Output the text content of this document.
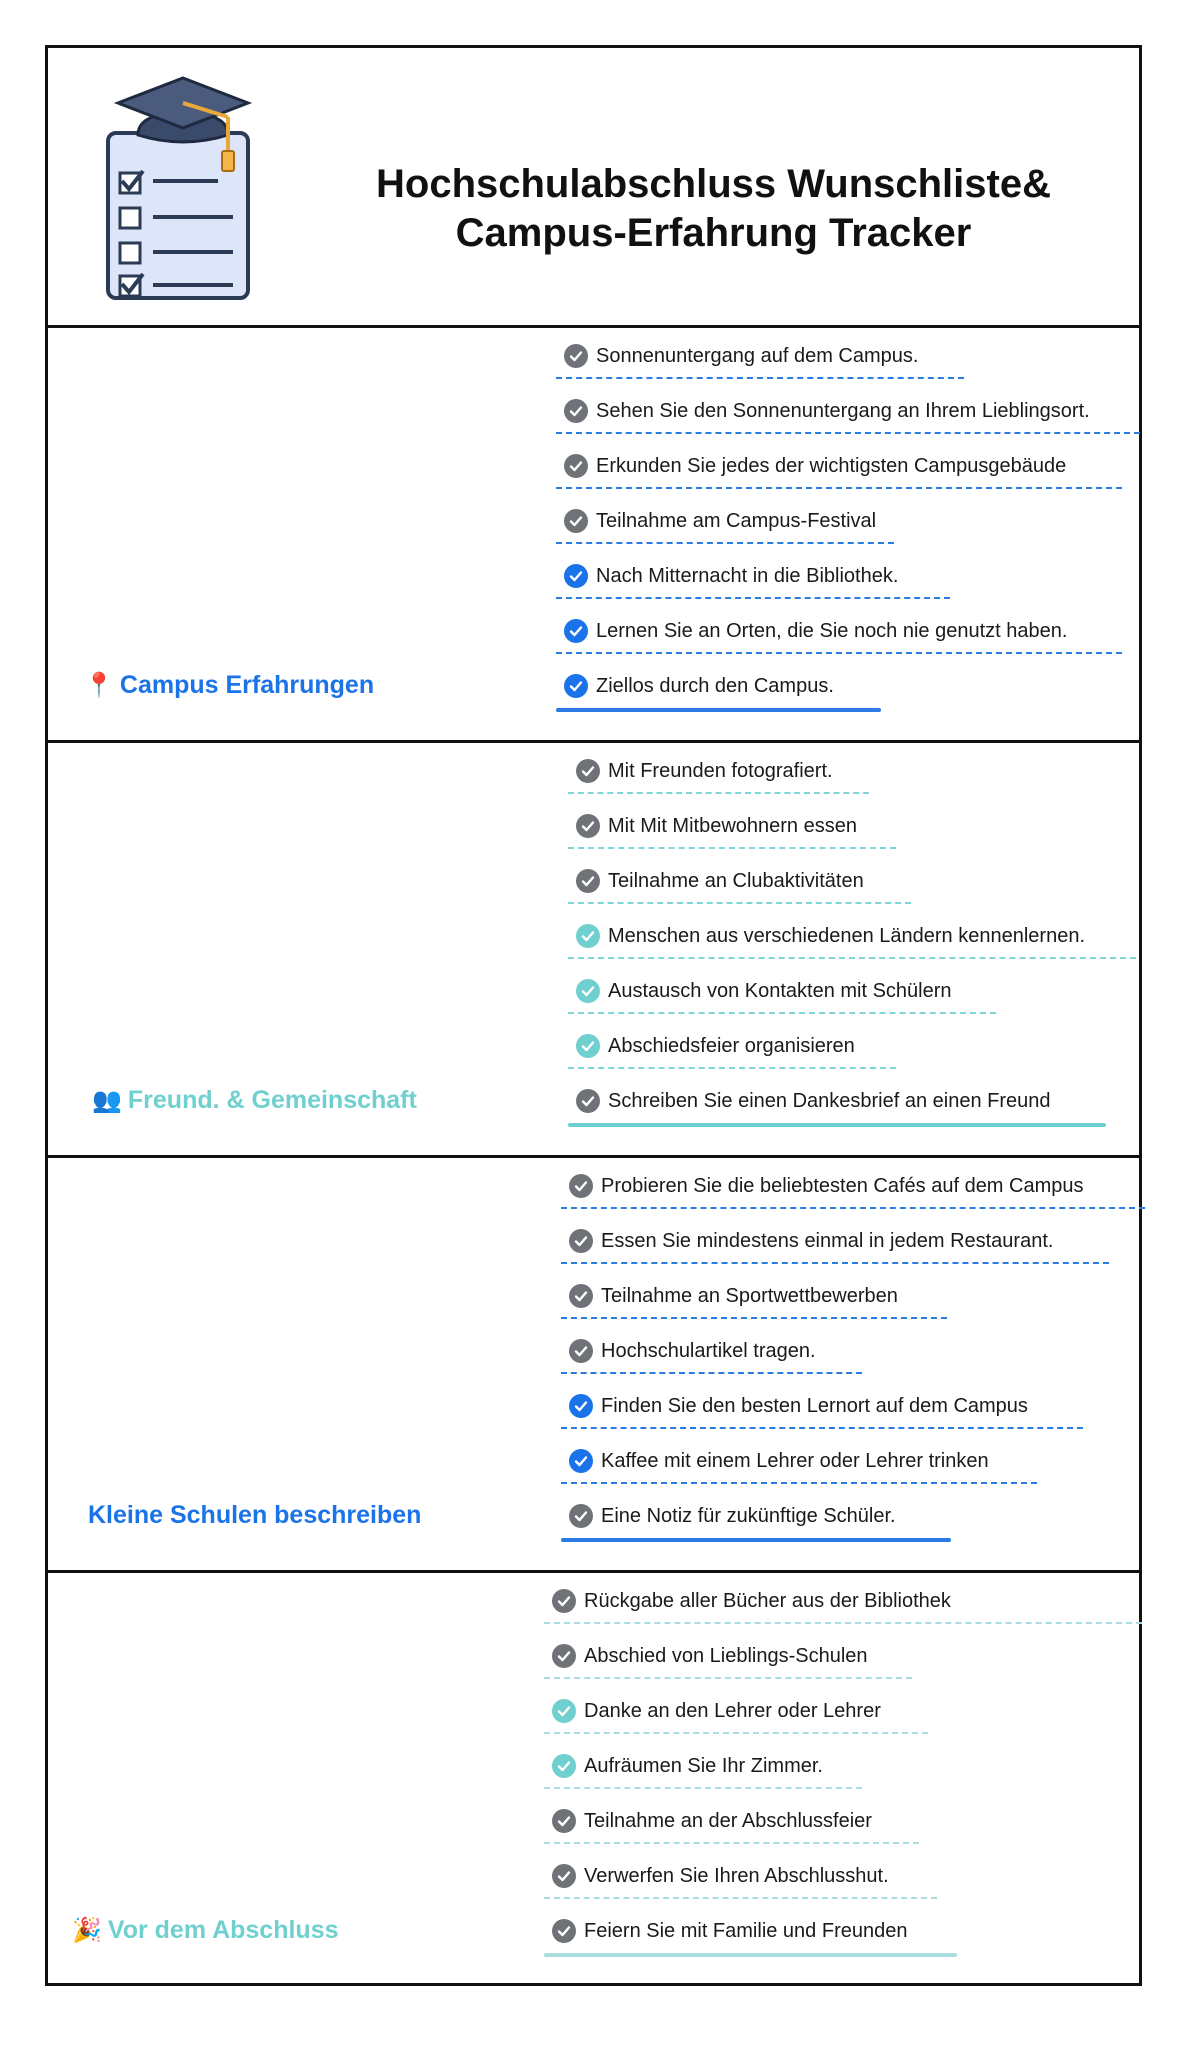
Hochschulabschluss Wunschliste&
Campus-Erfahrung Tracker
📍 Campus Erfahrungen
Sonnenuntergang auf dem Campus.
Sehen Sie den Sonnenuntergang an Ihrem Lieblingsort.
Erkunden Sie jedes der wichtigsten Campusgebäude
Teilnahme am Campus-Festival
Nach Mitternacht in die Bibliothek.
Lernen Sie an Orten, die Sie noch nie genutzt haben.
Ziellos durch den Campus.
👥 Freund. & Gemeinschaft
Mit Freunden fotografiert.
Mit Mit Mitbewohnern essen
Teilnahme an Clubaktivitäten
Menschen aus verschiedenen Ländern kennenlernen.
Austausch von Kontakten mit Schülern
Abschiedsfeier organisieren
Schreiben Sie einen Dankesbrief an einen Freund
Kleine Schulen beschreiben
Probieren Sie die beliebtesten Cafés auf dem Campus
Essen Sie mindestens einmal in jedem Restaurant.
Teilnahme an Sportwettbewerben
Hochschulartikel tragen.
Finden Sie den besten Lernort auf dem Campus
Kaffee mit einem Lehrer oder Lehrer trinken
Eine Notiz für zukünftige Schüler.
🎉 Vor dem Abschluss
Rückgabe aller Bücher aus der Bibliothek
Abschied von Lieblings-Schulen
Danke an den Lehrer oder Lehrer
Aufräumen Sie Ihr Zimmer.
Teilnahme an der Abschlussfeier
Verwerfen Sie Ihren Abschlusshut.
Feiern Sie mit Familie und Freunden
